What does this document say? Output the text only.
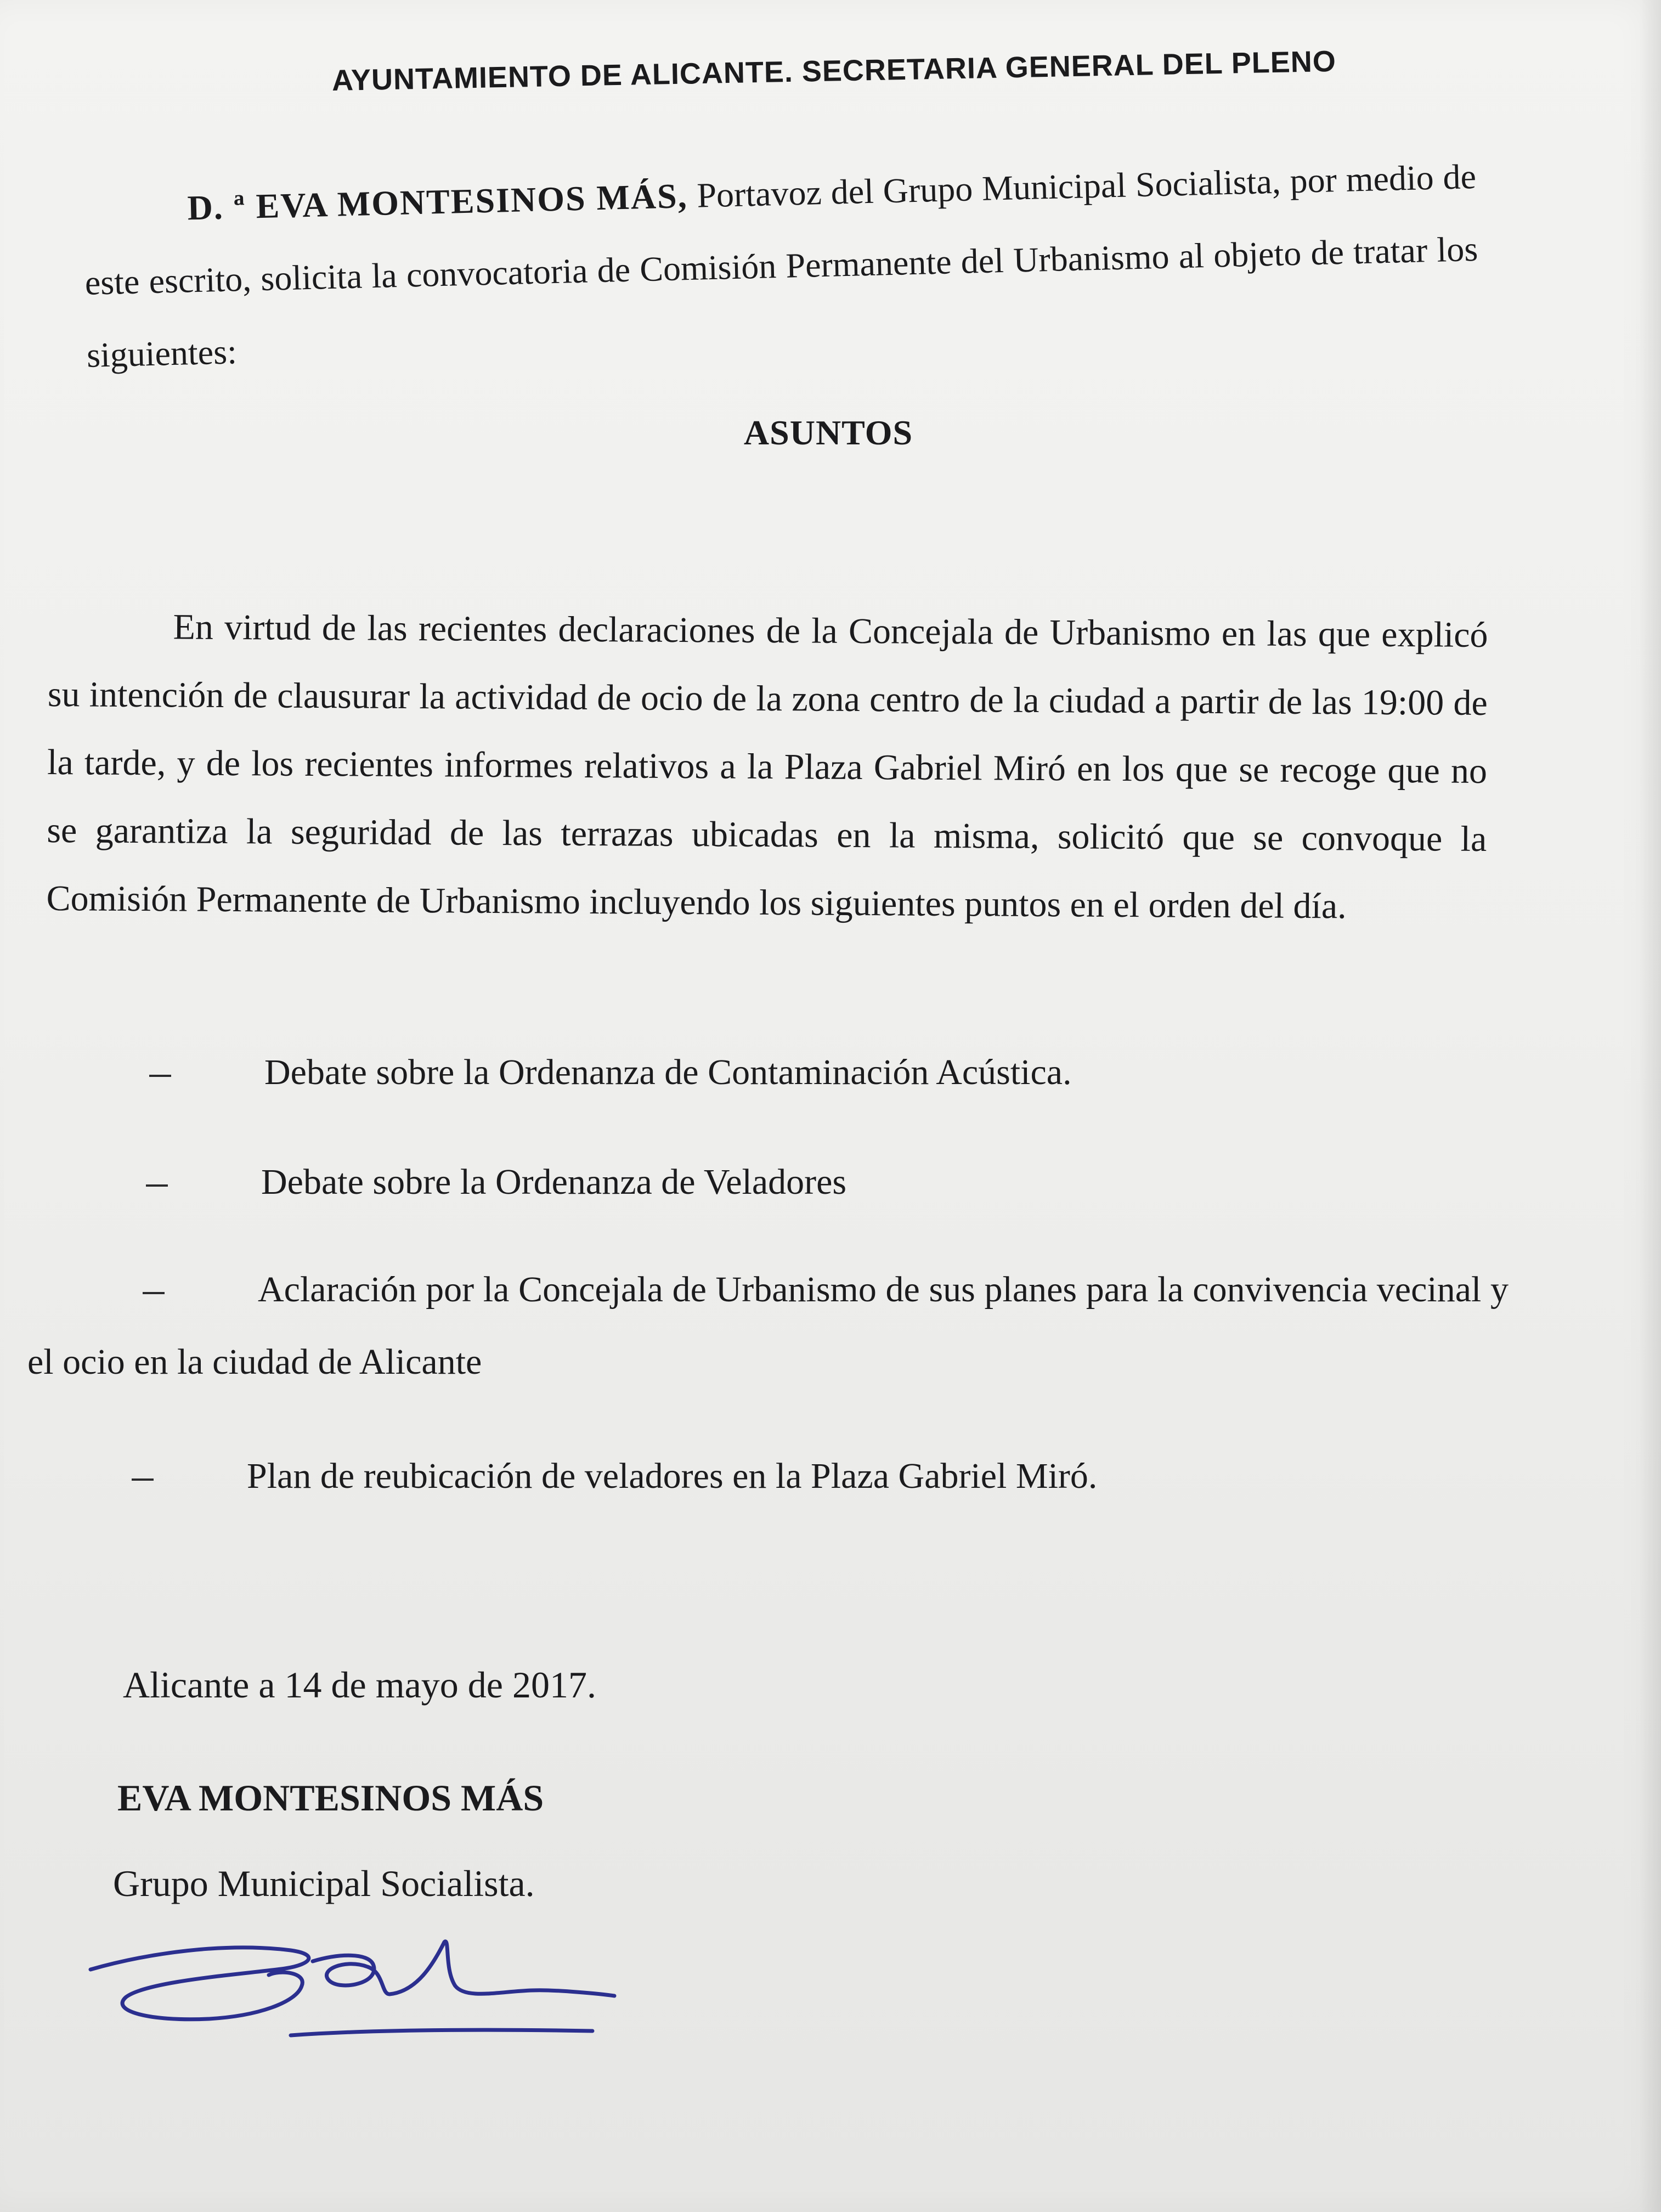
AYUNTAMIENTO DE ALICANTE. SECRETARIA GENERAL DEL PLENO
D. ª EVA MONTESINOS MÁS, Portavoz del Grupo Municipal Socialista, por medio de este escrito, solicita la convocatoria de Comisión Permanente del Urbanismo al objeto de tratar los siguientes:
ASUNTOS
En virtud de las recientes declaraciones de la Concejala de Urbanismo en las que explicó su intención de clausurar la actividad de ocio de la zona centro de la ciudad a partir de las 19:00 de la tarde, y de los recientes informes relativos a la Plaza Gabriel Miró en los que se recoge que no se garantiza la seguridad de las terrazas ubicadas en la misma, solicitó que se convoque la Comisión Permanente de Urbanismo incluyendo los siguientes puntos en el orden del día.
Debate sobre la Ordenanza de Contaminación Acústica.
Debate sobre la Ordenanza de Veladores
Aclaración por la Concejala de Urbanismo de sus planes para la convivencia vecinal y el ocio en la ciudad de Alicante
Plan de reubicación de veladores en la Plaza Gabriel Miró.
Alicante a 14 de mayo de 2017.
EVA MONTESINOS MÁS
Grupo Municipal Socialista.
